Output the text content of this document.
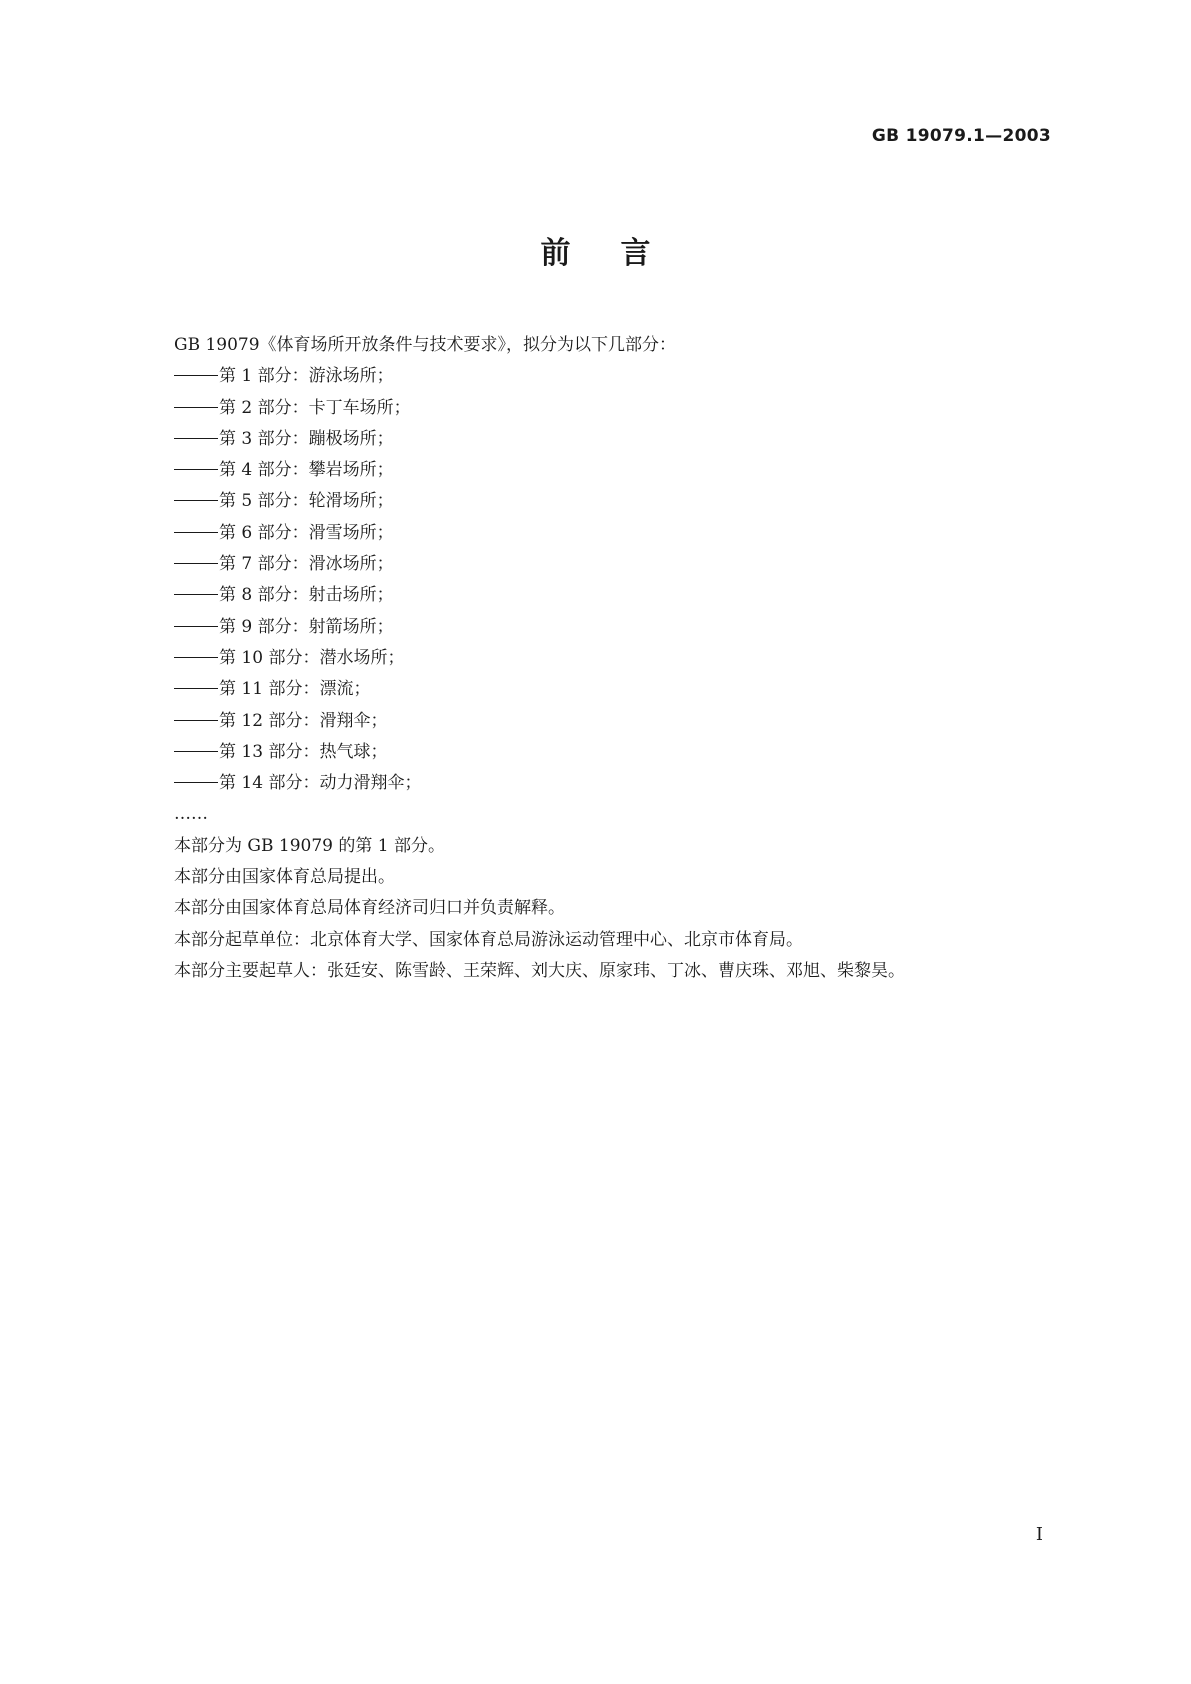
GB 19079.1—2003
前言
GB 19079《体育场所开放条件与技术要求》，拟分为以下几部分：
第 1 部分：游泳场所；
第 2 部分：卡丁车场所；
第 3 部分：蹦极场所；
第 4 部分：攀岩场所；
第 5 部分：轮滑场所；
第 6 部分：滑雪场所；
第 7 部分：滑冰场所；
第 8 部分：射击场所；
第 9 部分：射箭场所；
第 10 部分：潜水场所；
第 11 部分：漂流；
第 12 部分：滑翔伞；
第 13 部分：热气球；
第 14 部分：动力滑翔伞；
……
本部分为 GB 19079 的第 1 部分。
本部分由国家体育总局提出。
本部分由国家体育总局体育经济司归口并负责解释。
本部分起草单位：北京体育大学、国家体育总局游泳运动管理中心、北京市体育局。
本部分主要起草人：张廷安、陈雪龄、王荣辉、刘大庆、原家玮、丁冰、曹庆珠、邓旭、柴黎昊。
I
